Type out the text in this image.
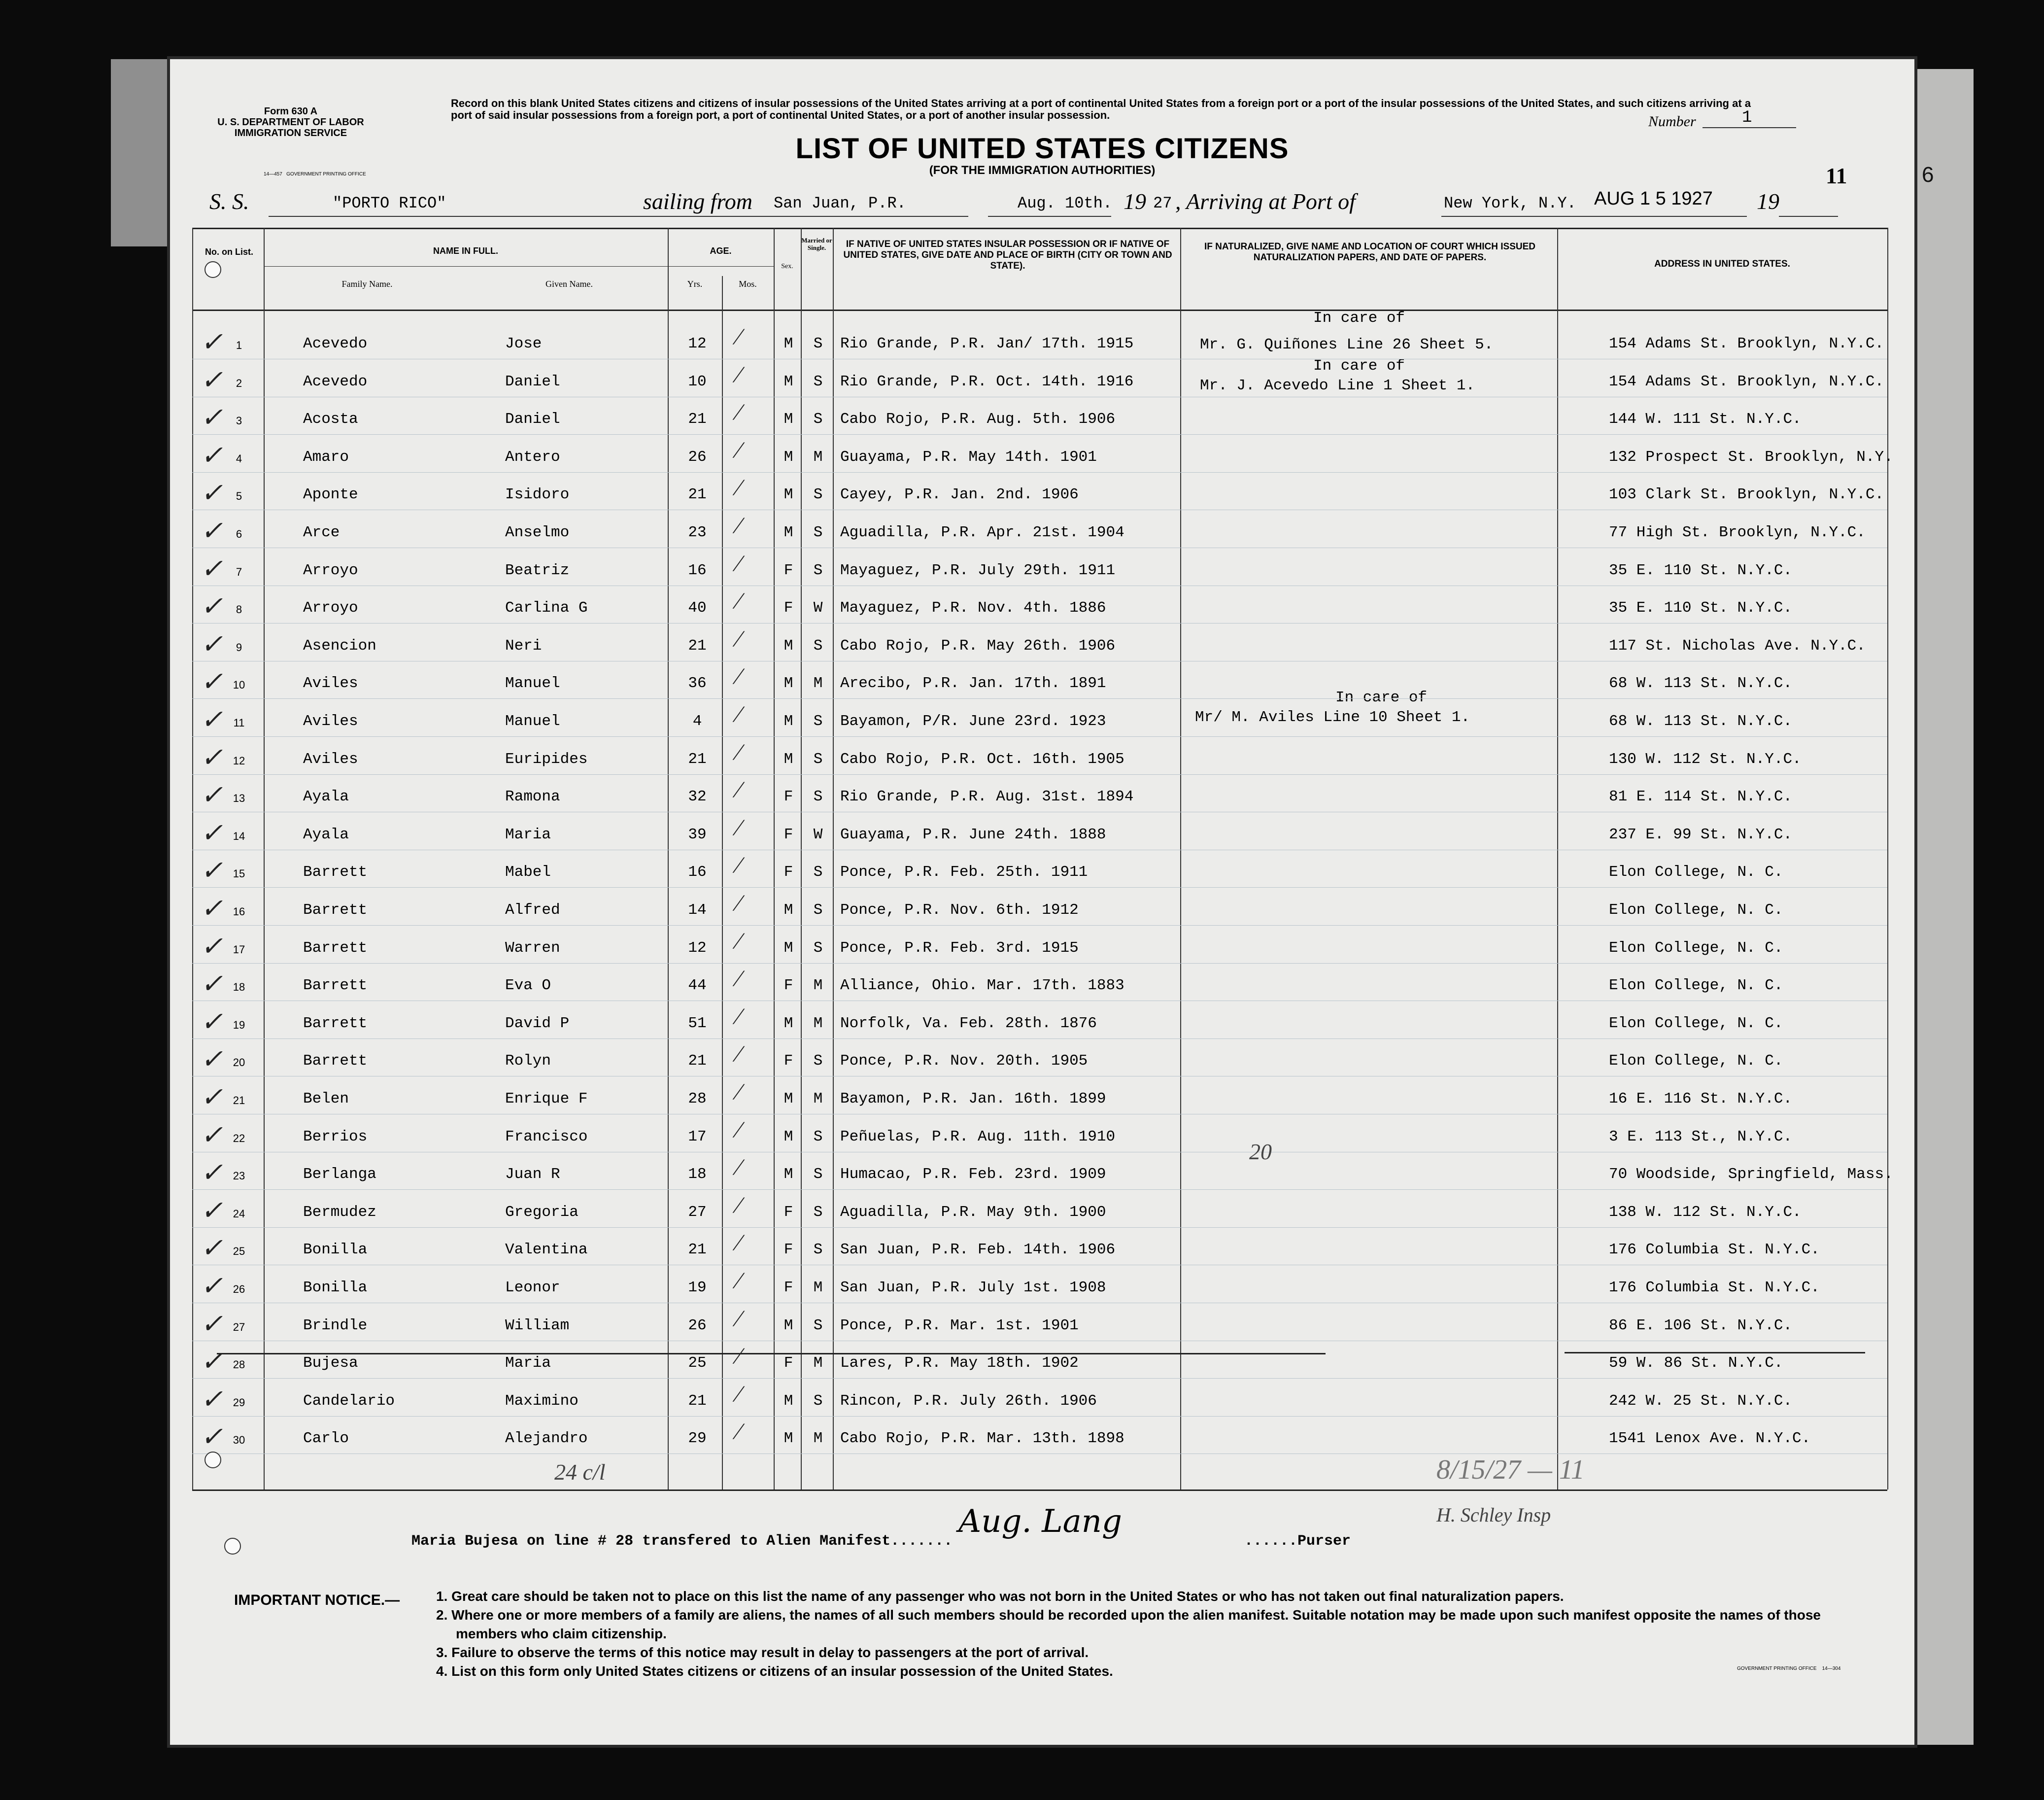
6
Form 630 A
U. S. DEPARTMENT OF LABOR
IMMIGRATION SERVICE
14—457 GOVERNMENT PRINTING OFFICE
Record on this blank United States citizens and citizens of insular possessions of the United States arriving at a port of continental United States from a foreign port or a port of the insular possessions of the United States, and such citizens arriving at a port of said insular possessions from a foreign port, a port of continental United States, or a port of another insular possession.	Number	1
LIST OF UNITED STATES CITIZENS
(FOR THE IMMIGRATION AUTHORITIES)	11
S. S.	"PORTO RICO"	sailing from San Juan, P.R.	Aug. 10th. 19 27 , Arriving at Port of	New York, N.Y. AUG 1 5 1927 19
No. on List.	NAME IN FULL.
Family Name.	Given Name.
AGE.
Yrs.	Mos.
Sex.
Married or Single.	IF NATIVE OF UNITED STATES INSULAR POSSESSION OR IF NATIVE OF UNITED STATES, GIVE DATE AND PLACE OF BIRTH (CITY OR TOWN AND STATE).
IF NATURALIZED, GIVE NAME AND LOCATION OF COURT WHICH ISSUED NATURALIZATION PAPERS, AND DATE OF PAPERS.
ADDRESS IN UNITED STATES.
In care of
Mr. G. Quiñones Line 26 Sheet 5.
In care of
Mr. J. Acevedo Line 1 Sheet 1.
In care of
Mr/ M. Aviles Line 10 Sheet 1.
1	Acevedo	Jose	12	M	S	Rio Grande, P.R. Jan/ 17th. 1915	154 Adams St. Brooklyn, N.Y.C.
✓	⁄
2	Acevedo	Daniel	10	M	S	Rio Grande, P.R. Oct. 14th. 1916	154 Adams St. Brooklyn, N.Y.C.
✓	⁄
3	Acosta	Daniel	21	M	S	Cabo Rojo, P.R. Aug. 5th. 1906	144 W. 111 St. N.Y.C.
✓	⁄
4	Amaro	Antero	26	M	M	Guayama, P.R. May 14th. 1901	132 Prospect St. Brooklyn, N.Y.
✓	⁄
5	Aponte	Isidoro	21	M	S	Cayey, P.R. Jan. 2nd. 1906	103 Clark St. Brooklyn, N.Y.C.
✓	⁄
6	Arce	Anselmo	23	M	S	Aguadilla, P.R. Apr. 21st. 1904	77 High St. Brooklyn, N.Y.C.
✓	⁄
7	Arroyo	Beatriz	16	F	S	Mayaguez, P.R. July 29th. 1911	35 E. 110 St. N.Y.C.
✓	⁄
8	Arroyo	Carlina G	40	F	W	Mayaguez, P.R. Nov. 4th. 1886	35 E. 110 St. N.Y.C.
✓	⁄
9	Asencion	Neri	21	M	S	Cabo Rojo, P.R. May 26th. 1906	117 St. Nicholas Ave. N.Y.C.
✓	⁄
10	Aviles	Manuel	36	M	M	Arecibo, P.R. Jan. 17th. 1891	68 W. 113 St. N.Y.C.
✓	⁄
11	Aviles	Manuel	4	M	S	Bayamon, P/R. June 23rd. 1923	68 W. 113 St. N.Y.C.
✓	⁄
12	Aviles	Euripides	21	M	S	Cabo Rojo, P.R. Oct. 16th. 1905	130 W. 112 St. N.Y.C.
✓	⁄
13	Ayala	Ramona	32	F	S	Rio Grande, P.R. Aug. 31st. 1894	81 E. 114 St. N.Y.C.
✓	⁄
14	Ayala	Maria	39	F	W	Guayama, P.R. June 24th. 1888	237 E. 99 St. N.Y.C.
✓	⁄
15	Barrett	Mabel	16	F	S	Ponce, P.R. Feb. 25th. 1911	Elon College, N. C.
✓	⁄
16	Barrett	Alfred	14	M	S	Ponce, P.R. Nov. 6th. 1912	Elon College, N. C.
✓	⁄
17	Barrett	Warren	12	M	S	Ponce, P.R. Feb. 3rd. 1915	Elon College, N. C.
✓	⁄
18	Barrett	Eva O	44	F	M	Alliance, Ohio. Mar. 17th. 1883	Elon College, N. C.
✓	⁄
19	Barrett	David P	51	M	M	Norfolk, Va. Feb. 28th. 1876	Elon College, N. C.
✓	⁄
20	Barrett	Rolyn	21	F	S	Ponce, P.R. Nov. 20th. 1905	Elon College, N. C.
✓	⁄
21	Belen	Enrique F	28	M	M	Bayamon, P.R. Jan. 16th. 1899	16 E. 116 St. N.Y.C.
✓	⁄
22	Berrios	Francisco	17	M	S	Peñuelas, P.R. Aug. 11th. 1910	3 E. 113 St., N.Y.C.
✓	⁄
23	Berlanga	Juan R	18	M	S	Humacao, P.R. Feb. 23rd. 1909	70 Woodside, Springfield, Mass.
✓	⁄
24	Bermudez	Gregoria	27	F	S	Aguadilla, P.R. May 9th. 1900	138 W. 112 St. N.Y.C.
✓	⁄
25	Bonilla	Valentina	21	F	S	San Juan, P.R. Feb. 14th. 1906	176 Columbia St. N.Y.C.
✓	⁄
26	Bonilla	Leonor	19	F	M	San Juan, P.R. July 1st. 1908	176 Columbia St. N.Y.C.
✓	⁄
27	Brindle	William	26	M	S	Ponce, P.R. Mar. 1st. 1901	86 E. 106 St. N.Y.C.
✓	⁄
28	Bujesa	Maria	25	F	M	Lares, P.R. May 18th. 1902	59 W. 86 St. N.Y.C.
✓	⁄
29	Candelario	Maximino	21	M	S	Rincon, P.R. July 26th. 1906	242 W. 25 St. N.Y.C.
✓	⁄
30	Carlo	Alejandro	29	M	M	Cabo Rojo, P.R. Mar. 13th. 1898	1541 Lenox Ave. N.Y.C.
✓	⁄
24 c/l
20
8/15/27 — 11
Maria Bujesa on line # 28 transfered to Alien Manifest.......
Aug. Lang
......Purser
H. Schley Insp
IMPORTANT NOTICE.—	1. Great care should be taken not to place on this list the name of any passenger who was not born in the United States or who has not taken out final naturalization papers.
2. Where one or more members of a family are aliens, the names of all such members should be recorded upon the alien manifest. Suitable notation may be made upon such manifest opposite the names of those members who claim citizenship.
3. Failure to observe the terms of this notice may result in delay to passengers at the port of arrival.
4. List on this form only United States citizens or citizens of an insular possession of the United States.	GOVERNMENT PRINTING OFFICE 14—304
